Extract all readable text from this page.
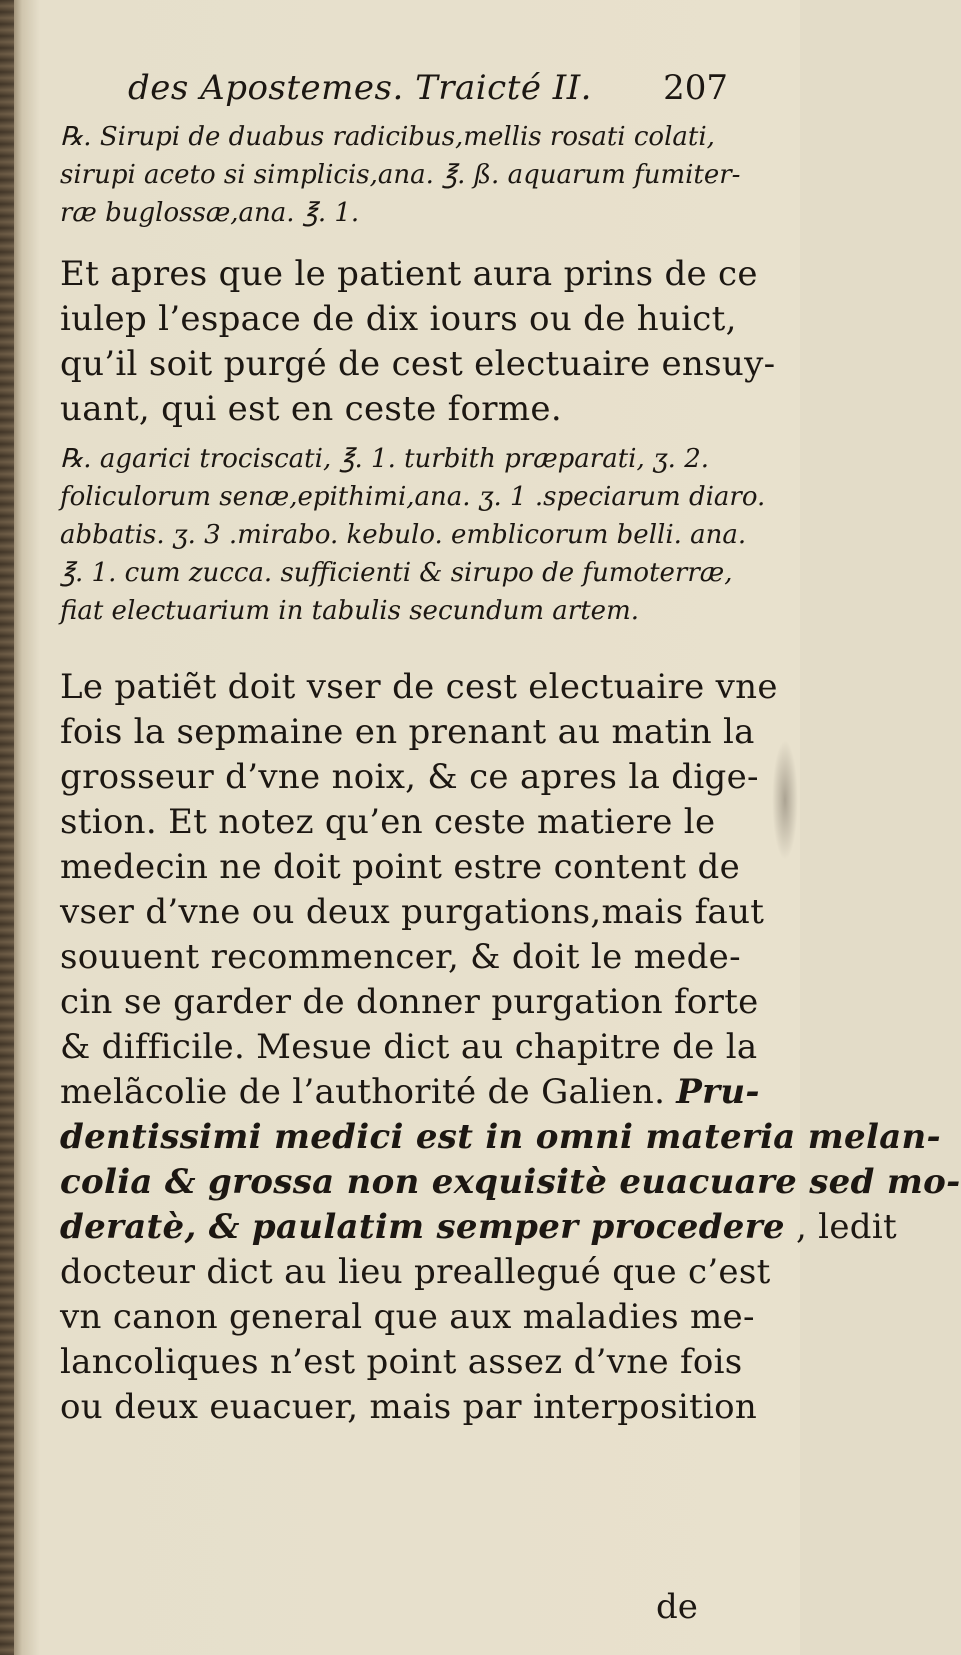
des Apostemes. Traicté II. 207
℞. Sirupi de duabus radicibus,mellis rosati colati,
sirupi aceto si simplicis,ana. ℥. ß. aquarum fumiter-
ræ buglossæ,ana. ℥. 1.
Et apres que le patient aura prins de ce
iulep l’espace de dix iours ou de huict,
qu’il soit purgé de cest electuaire ensuy-
uant, qui est en ceste forme.
℞. agarici trociscati, ℥. 1. turbith præparati, ʒ. 2.
foliculorum senæ,epithimi,ana. ʒ. 1 .speciarum diaro.
abbatis. ʒ. 3 .mirabo. kebulo. emblicorum belli. ana.
℥. 1. cum zucca. sufficienti & sirupo de fumoterræ,
fiat electuarium in tabulis secundum artem.
Le patiẽt doit vser de cest electuaire vne
fois la sepmaine en prenant au matin la
grosseur d’vne noix, & ce apres la dige-
stion. Et notez qu’en ceste matiere le
medecin ne doit point estre content de
vser d’vne ou deux purgations,mais faut
souuent recommencer, & doit le mede-
cin se garder de donner purgation forte
& difficile. Mesue dict au chapitre de la
melãcolie de l’authorité de Galien. Pru-
dentissimi medici est in omni materia melan-
colia & grossa non exquisitè euacuare sed mo-
deratè, & paulatim semper procedere , ledit
docteur dict au lieu preallegué que c’est
vn canon general que aux maladies me-
lancoliques n’est point assez d’vne fois
ou deux euacuer, mais par interposition
de
